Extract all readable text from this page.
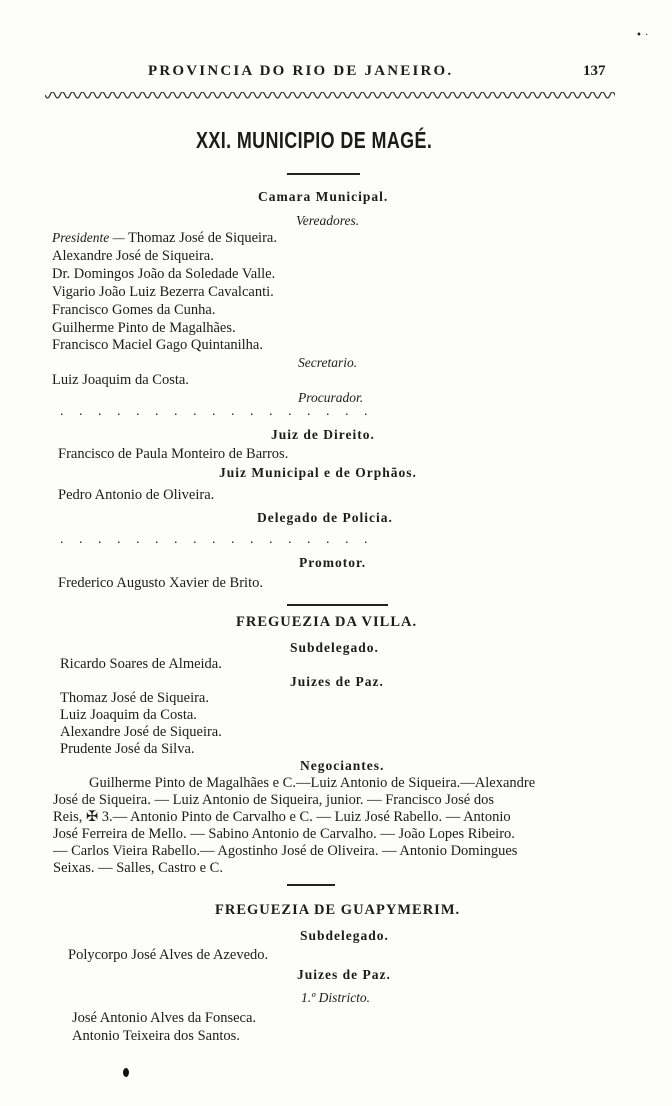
• ·
PROVINCIA DO RIO DE JANEIRO.	137
XXI. MUNICIPIO DE MAGÉ.
Camara Municipal.
Vereadores.
Presidente — Thomaz José de Siqueira.
Alexandre José de Siqueira.
Dr. Domingos João da Soledade Valle.
Vigario João Luiz Bezerra Cavalcanti.
Francisco Gomes da Cunha.
Guilherme Pinto de Magalhães.
Francisco Maciel Gago Quintanilha.
Secretario.
Luiz Joaquim da Costa.
Procurador.
.................
Juiz de Direito.
Francisco de Paula Monteiro de Barros.
Juiz Municipal e de Orphãos.
Pedro Antonio de Oliveira.
Delegado de Policia.
.................
Promotor.
Frederico Augusto Xavier de Brito.
FREGUEZIA DA VILLA.
Subdelegado.
Ricardo Soares de Almeida.
Juizes de Paz.
Thomaz José de Siqueira.
Luiz Joaquim da Costa.
Alexandre José de Siqueira.
Prudente José da Silva.
Negociantes.
Guilherme Pinto de Magalhães e C.—Luiz Antonio de Siqueira.—Alexandre
José de Siqueira. — Luiz Antonio de Siqueira, junior. — Francisco José dos
Reis, ✠ 3.— Antonio Pinto de Carvalho e C. — Luiz José Rabello. — Antonio
José Ferreira de Mello. — Sabino Antonio de Carvalho. — João Lopes Ribeiro.
— Carlos Vieira Rabello.— Agostinho José de Oliveira. — Antonio Domingues
Seixas. — Salles, Castro e C.
FREGUEZIA DE GUAPYMERIM.
Subdelegado.
Polycorpo José Alves de Azevedo.
Juizes de Paz.
1.º Districto.
José Antonio Alves da Fonseca.
Antonio Teixeira dos Santos.
